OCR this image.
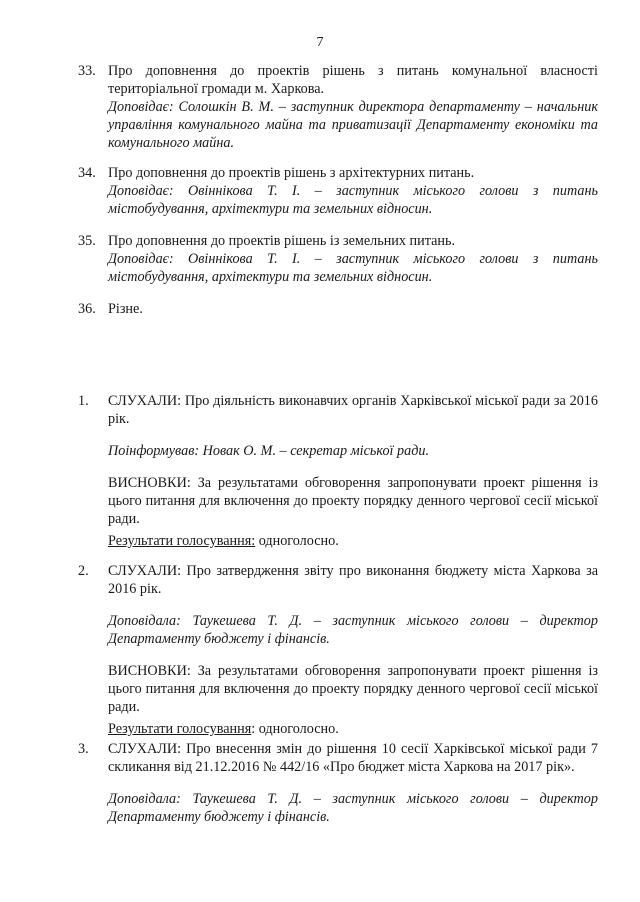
7
33. Про доповнення до проектів рішень з питань комунальної власності територіальної громади м. Харкова.

Доповідає: Солошкін В. М. – заступник директора департаменту – начальник управління комунального майна та приватизації Департаменту економіки та комунального майна.

34. Про доповнення до проектів рішень з архітектурних питань.

Доповідає: Овіннікова Т. І. – заступник міського голови з питань містобудування, архітектури та земельних відносин.

35. Про доповнення до проектів рішень із земельних питань.

Доповідає: Овіннікова Т. І. – заступник міського голови з питань містобудування, архітектури та земельних відносин.

36. Різне.

1.	СЛУХАЛИ: Про діяльність виконавчих органів Харківської міської ради за 2016 рік.

Поінформував: Новак О. М. – секретар міської ради.

ВИСНОВКИ: За результатами обговорення запропонувати проект рішення із цього питання для включення до проекту порядку денного чергової сесії міської ради.

Результати голосування: одноголосно.

2.	СЛУХАЛИ: Про затвердження звіту про виконання бюджету міста Харкова за 2016 рік.

Доповідала: Таукешева Т. Д. – заступник міського голови – директор Департаменту бюджету і фінансів.

ВИСНОВКИ: За результатами обговорення запропонувати проект рішення із цього питання для включення до проекту порядку денного чергової сесії міської ради.

Результати голосування: одноголосно.

3.	СЛУХАЛИ: Про внесення змін до рішення 10 сесії Харківської міської ради 7 скликання від 21.12.2016 № 442/16 «Про бюджет міста Харкова на 2017 рік».

Доповідала: Таукешева Т. Д. – заступник міського голови – директор Департаменту бюджету і фінансів.
